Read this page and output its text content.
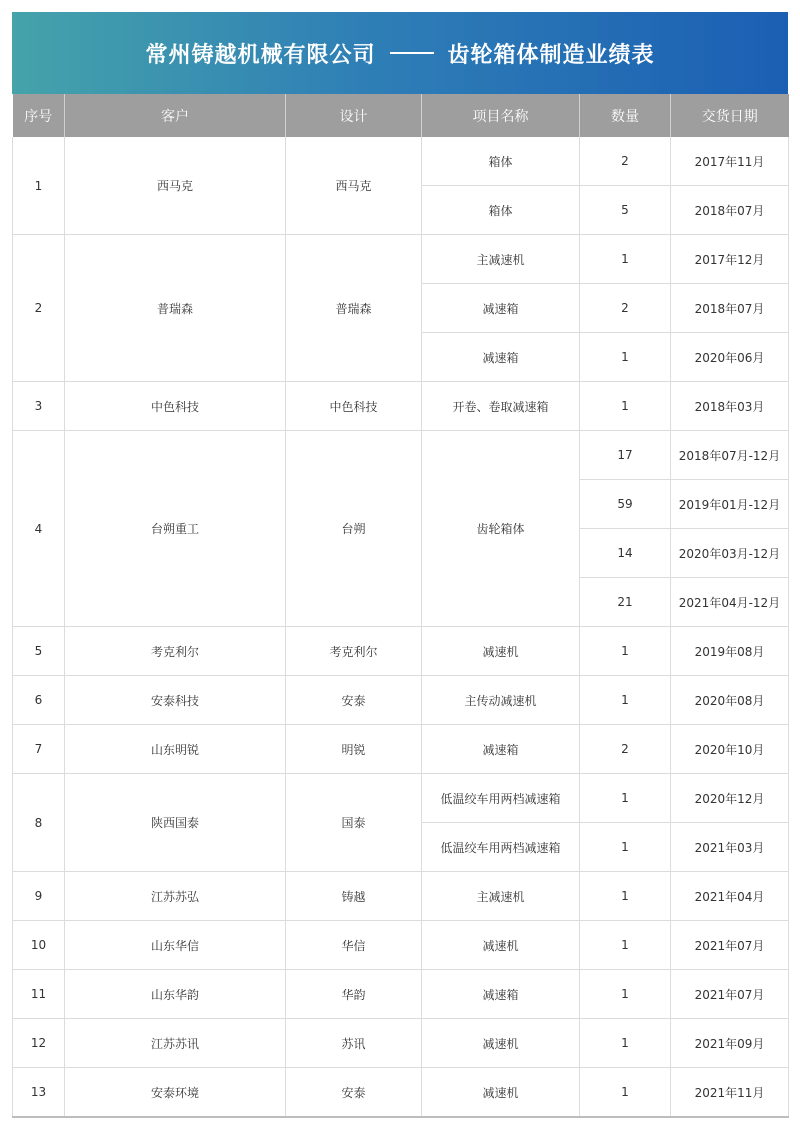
常州铸越机械有限公司	齿轮箱体制造业绩表
序号	客户	设计	项目名称	数量	交货日期
1	西马克	西马克	箱体	2	2017年11月
			箱体	5	2018年07月
2	普瑞森	普瑞森	主减速机	1	2017年12月
			减速箱	2	2018年07月
			减速箱	1	2020年06月
3	中色科技	中色科技	开卷、卷取减速箱	1	2018年03月
4	台朔重工	台朔	齿轮箱体	17	2018年07月-12月
				59	2019年01月-12月
				14	2020年03月-12月
				21	2021年04月-12月
5	考克利尔	考克利尔	减速机	1	2019年08月
6	安泰科技	安泰	主传动减速机	1	2020年08月
7	山东明锐	明锐	减速箱	2	2020年10月
8	陕西国泰	国泰	低温绞车用两档减速箱	1	2020年12月
			低温绞车用两档减速箱	1	2021年03月
9	江苏苏弘	铸越	主减速机	1	2021年04月
10	山东华信	华信	减速机	1	2021年07月
11	山东华韵	华韵	减速箱	1	2021年07月
12	江苏苏讯	苏讯	减速机	1	2021年09月
13	安泰环境	安泰	减速机	1	2021年11月
